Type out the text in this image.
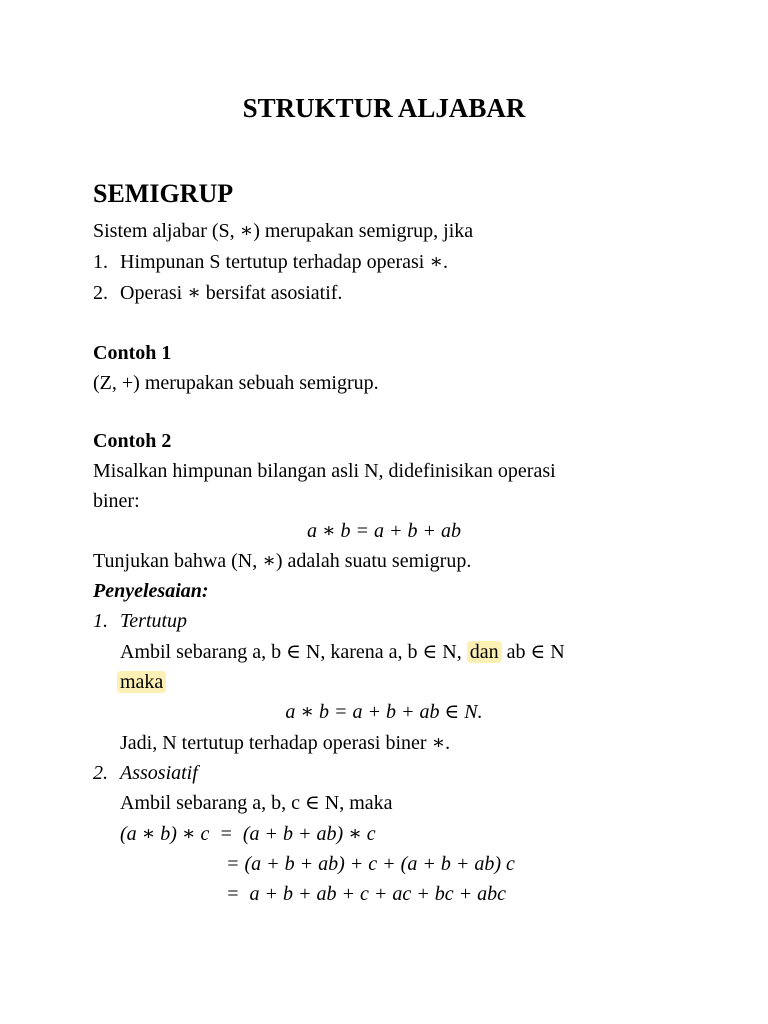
STRUKTUR ALJABAR
SEMIGRUP
Sistem aljabar (S, ∗) merupakan semigrup, jika
1. Himpunan S tertutup terhadap operasi ∗.
2. Operasi ∗ bersifat asosiatif.
Contoh 1
(Z, +) merupakan sebuah semigrup.
Contoh 2
Misalkan himpunan bilangan asli N, didefinisikan operasi
biner:
a ∗ b = a + b + ab
Tunjukan bahwa (N, ∗) adalah suatu semigrup.
Penyelesaian:
1. Tertutup
Ambil sebarang a, b ∈ N, karena a, b ∈ N, dan ab ∈ N
maka
a ∗ b = a + b + ab ∈ N.
Jadi, N tertutup terhadap operasi biner ∗.
2. Assosiatif
Ambil sebarang a, b, c ∈ N, maka
(a ∗ b) ∗ c  =  (a + b + ab) ∗ c
= (a + b + ab) + c + (a + b + ab) c
=  a + b + ab + c + ac + bc + abc
